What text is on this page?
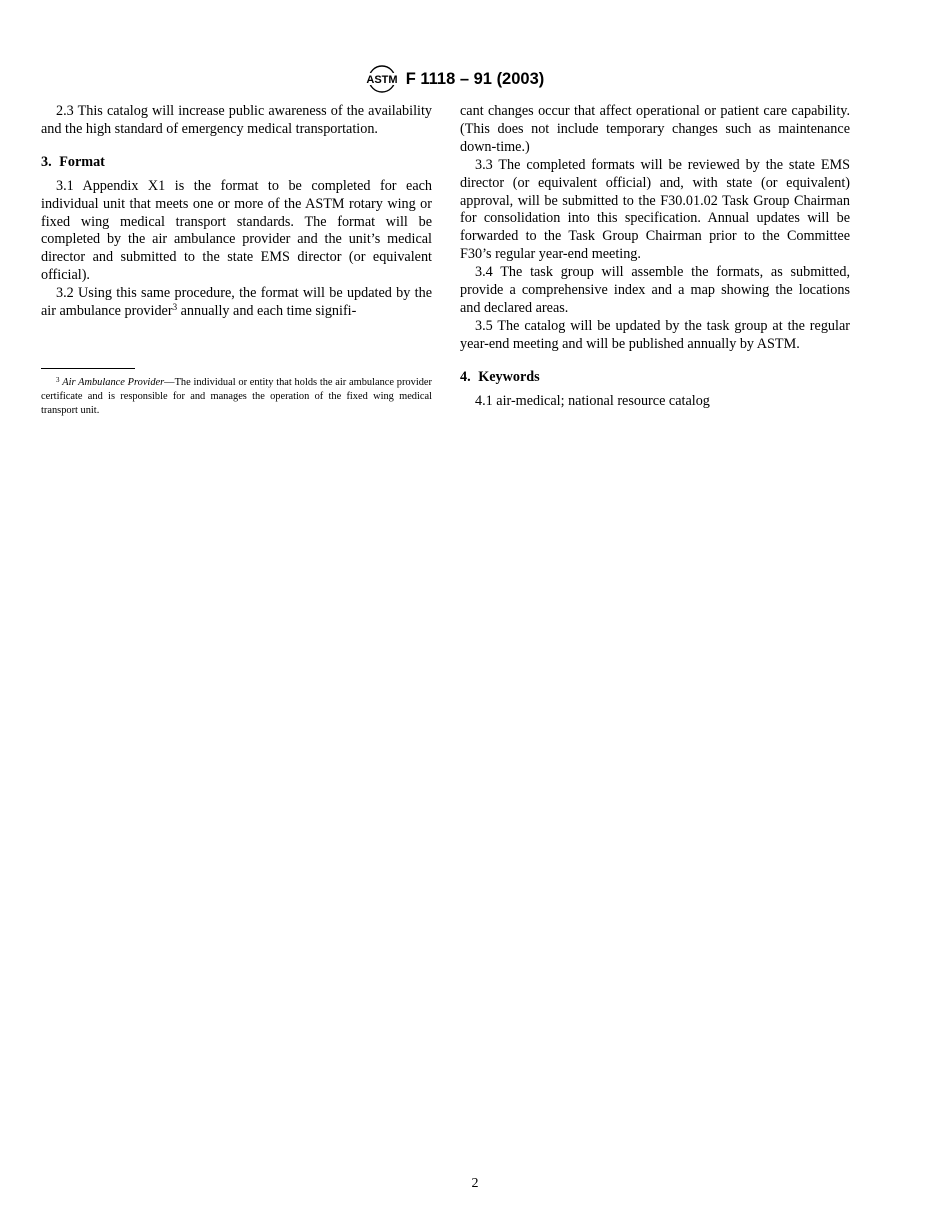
ASTM F 1118 – 91 (2003)

2.3 This catalog will increase public awareness of the availability and the high standard of emergency medical transportation.

3. Format

3.1 Appendix X1 is the format to be completed for each individual unit that meets one or more of the ASTM rotary wing or fixed wing medical transport standards. The format will be completed by the air ambulance provider and the unit’s medical director and submitted to the state EMS director (or equivalent official).

3.2 Using this same procedure, the format will be updated by the air ambulance provider$^3$ annually and each time signifi-

$^3$ Air Ambulance Provider—The individual or entity that holds the air ambulance provider certificate and is responsible for and manages the operation of the fixed wing medical transport unit.

cant changes occur that affect operational or patient care capability. (This does not include temporary changes such as maintenance down-time.)

3.3 The completed formats will be reviewed by the state EMS director (or equivalent official) and, with state (or equivalent) approval, will be submitted to the F30.01.02 Task Group Chairman for consolidation into this specification. Annual updates will be forwarded to the Task Group Chairman prior to the Committee F30’s regular year-end meeting.

3.4 The task group will assemble the formats, as submitted, provide a comprehensive index and a map showing the locations and declared areas.

3.5 The catalog will be updated by the task group at the regular year-end meeting and will be published annually by ASTM.

4. Keywords

4.1 air-medical; national resource catalog

2
